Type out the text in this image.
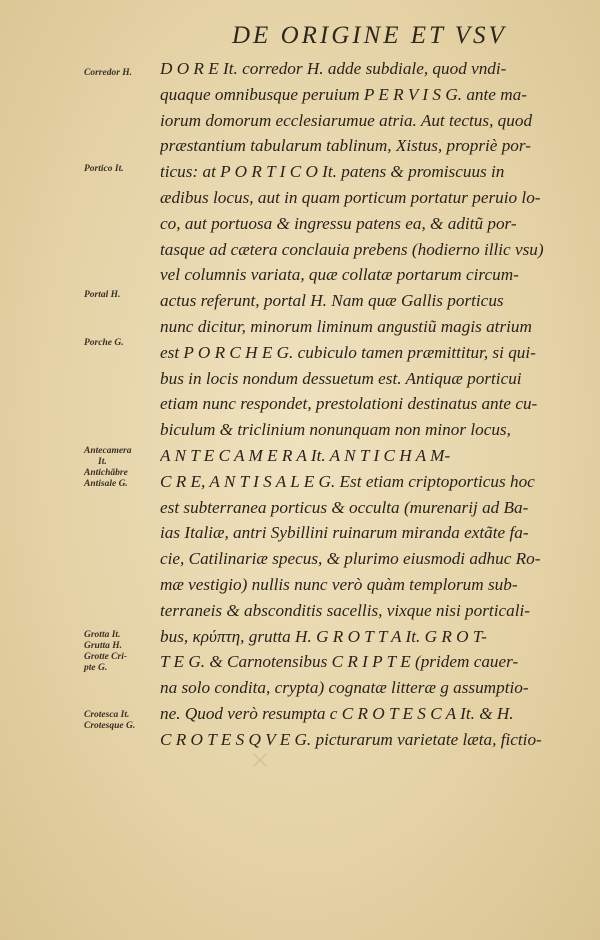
DE ORIGINE ET VSV
Corredor H.
Portico It.
Portal H.
Porche G.
Antecamera
It.
Antichãbre
Antisale G.
Grotta It.
Grutta H.
Grotte Cri-
pte G.
Crotesca It.
Crotesque G.
D O R E It. corredor H. adde subdiale, quod vndi-
quaque omnibusque peruium P E R V I S G. ante ma-
iorum domorum ecclesiarumue atria. Aut tectus, quod
præstantium tabularum tablinum, Xistus, propriè por-
ticus: at P O R T I C O It. patens & promiscuus in
ædibus locus, aut in quam porticum portatur peruio lo-
co, aut portuosa & ingressu patens ea, & aditũ por-
tasque ad cætera conclauia prebens (hodierno illic vsu)
vel columnis variata, quæ collatæ portarum circum-
actus referunt, portal H. Nam quæ Gallis porticus
nunc dicitur, minorum liminum angustiũ magis atrium
est P O R C H E G. cubiculo tamen præmittitur, si qui-
bus in locis nondum dessuetum est. Antiquæ porticui
etiam nunc respondet, prestolationi destinatus ante cu-
biculum & triclinium nonunquam non minor locus,
A N T E C A M E R A It. A N T I C H A M-
C R E, A N T I S A L E G. Est etiam criptoporticus hoc
est subterranea porticus & occulta (murenarij ad Ba-
ias Italiæ, antri Sybillini ruinarum miranda extãte fa-
cie, Catilinariæ specus, & plurimo eiusmodi adhuc Ro-
mæ vestigio) nullis nunc verò quàm templorum sub-
terraneis & absconditis sacellis, vixque nisi porticali-
bus, κρύπτη, grutta H. G R O T T A It. G R O T-
T E G. & Carnotensibus C R I P T E (pridem cauer-
na solo condita, crypta) cognatæ litteræ g assumptio-
ne. Quod verò resumpta c C R O T E S C A It. & H.
C R O T E S Q V E G. picturarum varietate læta, fictio-
